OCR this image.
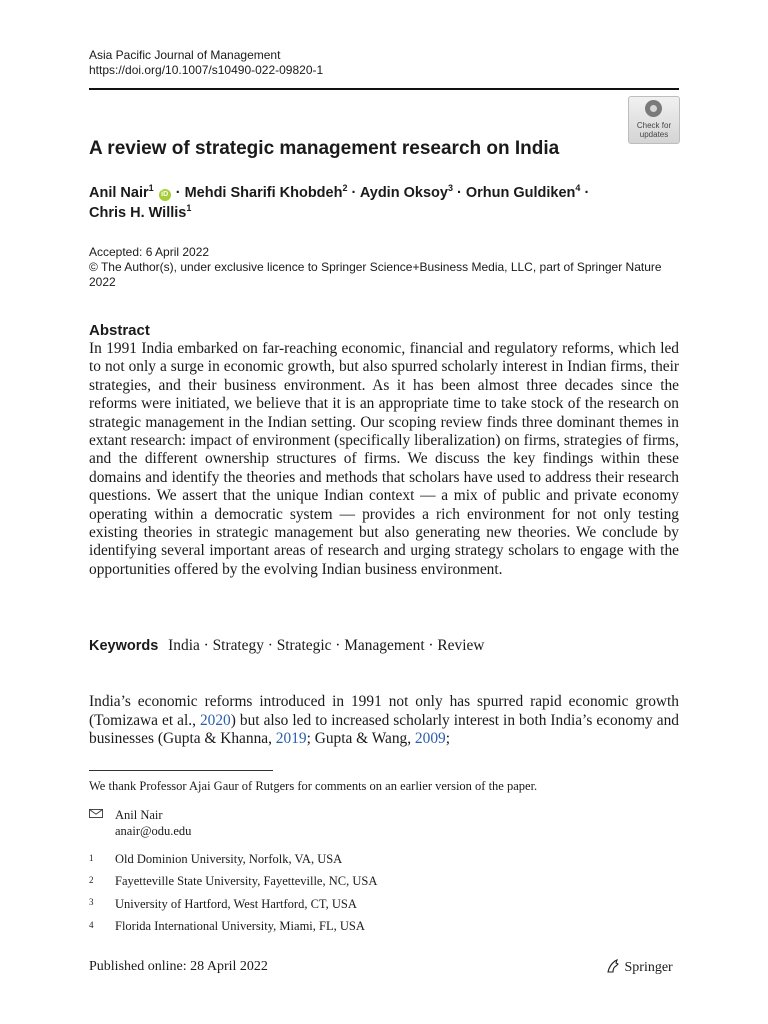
Asia Pacific Journal of Management
https://doi.org/10.1007/s10490-022-09820-1
Check for
updates
A review of strategic management research on India
Anil Nair$^1$ iD · Mehdi Sharifi Khobdeh$^2$ · Aydin Oksoy$^3$ · Orhun Guldiken$^4$ ·
Chris H. Willis$^1$
Accepted: 6 April 2022
© The Author(s), under exclusive licence to Springer Science+Business Media, LLC, part of Springer Nature 2022
Abstract
In 1991 India embarked on far-reaching economic, financial and regulatory reforms, which led to not only a surge in economic growth, but also spurred scholarly interest in Indian firms, their strategies, and their business environment. As it has been almost three decades since the reforms were initiated, we believe that it is an appropriate time to take stock of the research on strategic management in the Indian setting. Our scoping review finds three dominant themes in extant research: impact of environment (specifically liberalization) on firms, strategies of firms, and the different ownership structures of firms. We discuss the key findings within these domains and identify the theories and methods that scholars have used to address their research questions. We assert that the unique Indian context — a mix of public and private economy operating within a democratic system — provides a rich environment for not only testing existing theories in strategic management but also generating new theories. We conclude by identifying several important areas of research and urging strategy scholars to engage with the opportunities offered by the evolving Indian business environment.
Keywords India · Strategy · Strategic · Management · Review
India’s economic reforms introduced in 1991 not only has spurred rapid economic growth (Tomizawa et al., 2020) but also led to increased scholarly interest in both India’s economy and businesses (Gupta & Khanna, 2019; Gupta & Wang, 2009;
We thank Professor Ajai Gaur of Rutgers for comments on an earlier version of the paper.
Anil Nair
anair@odu.edu
1 Old Dominion University, Norfolk, VA, USA
2 Fayetteville State University, Fayetteville, NC, USA
3 University of Hartford, West Hartford, CT, USA
4 Florida International University, Miami, FL, USA
Published online: 28 April 2022	Springer
